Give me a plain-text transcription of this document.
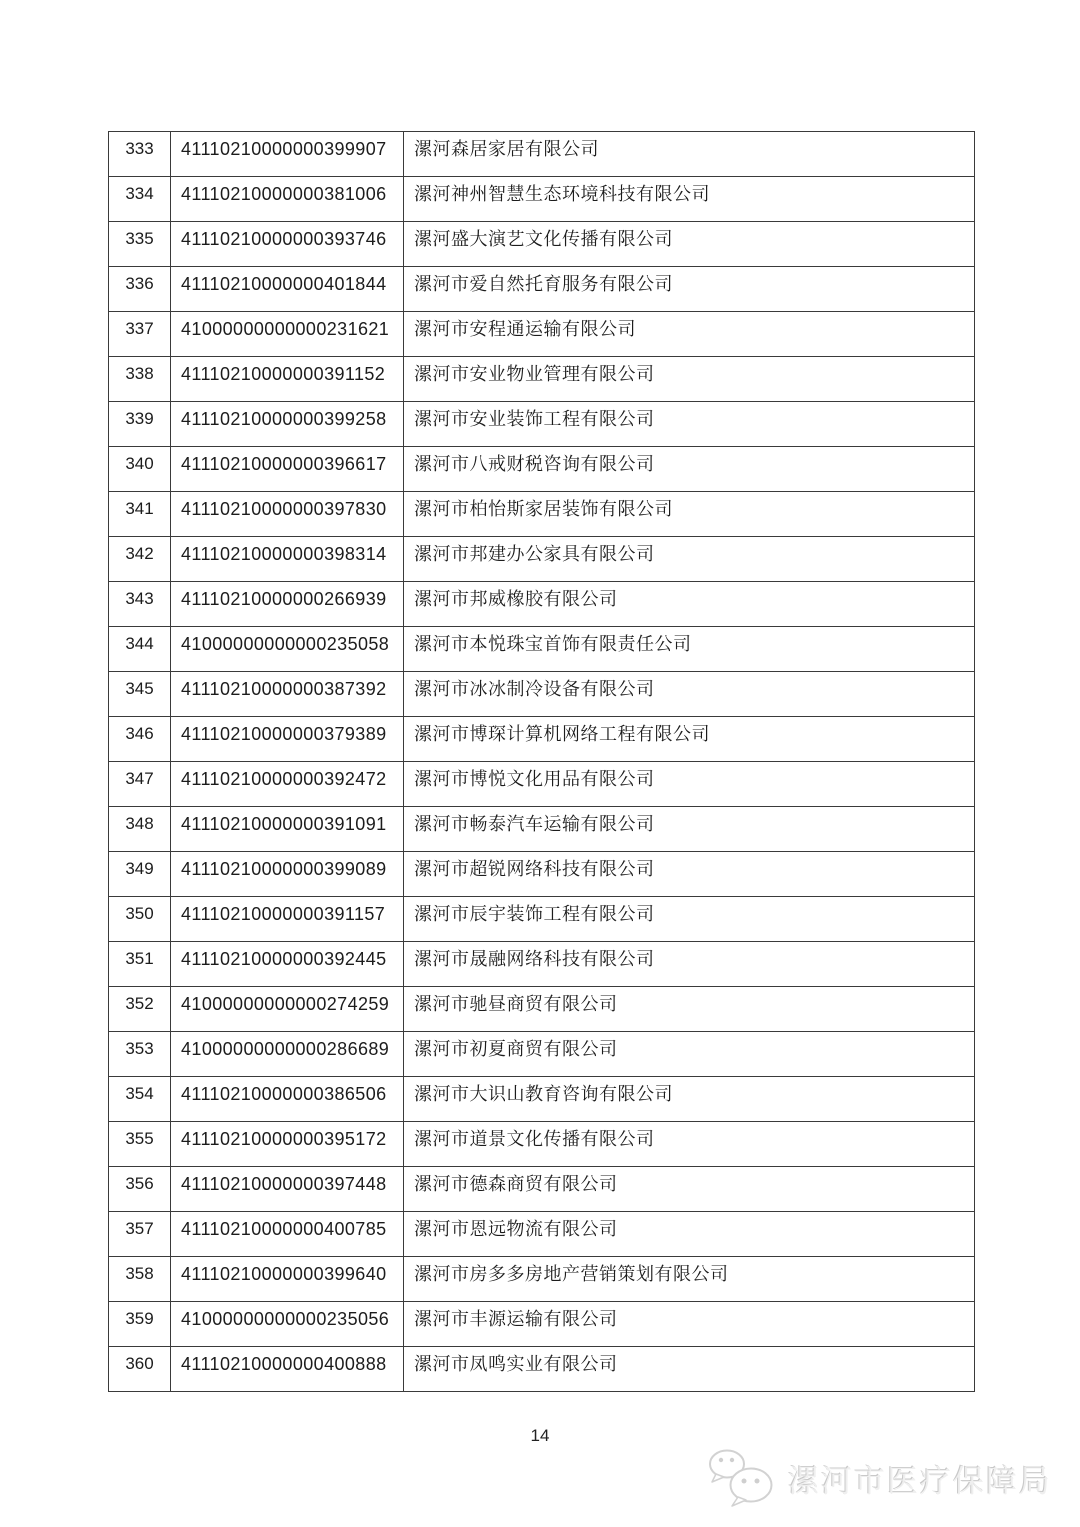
333	41110210000000399907	漯河森居家居有限公司
334	41110210000000381006	漯河神州智慧生态环境科技有限公司
335	41110210000000393746	漯河盛大演艺文化传播有限公司
336	41110210000000401844	漯河市爱自然托育服务有限公司
337	41000000000000231621	漯河市安程通运输有限公司
338	41110210000000391152	漯河市安业物业管理有限公司
339	41110210000000399258	漯河市安业装饰工程有限公司
340	41110210000000396617	漯河市八戒财税咨询有限公司
341	41110210000000397830	漯河市柏怡斯家居装饰有限公司
342	41110210000000398314	漯河市邦建办公家具有限公司
343	41110210000000266939	漯河市邦威橡胶有限公司
344	41000000000000235058	漯河市本悦珠宝首饰有限责任公司
345	41110210000000387392	漯河市冰冰制冷设备有限公司
346	41110210000000379389	漯河市博琛计算机网络工程有限公司
347	41110210000000392472	漯河市博悦文化用品有限公司
348	41110210000000391091	漯河市畅泰汽车运输有限公司
349	41110210000000399089	漯河市超锐网络科技有限公司
350	41110210000000391157	漯河市辰宇装饰工程有限公司
351	41110210000000392445	漯河市晟融网络科技有限公司
352	41000000000000274259	漯河市驰昼商贸有限公司
353	41000000000000286689	漯河市初夏商贸有限公司
354	41110210000000386506	漯河市大识山教育咨询有限公司
355	41110210000000395172	漯河市道景文化传播有限公司
356	41110210000000397448	漯河市德森商贸有限公司
357	41110210000000400785	漯河市恩远物流有限公司
358	41110210000000399640	漯河市房多多房地产营销策划有限公司
359	41000000000000235056	漯河市丰源运输有限公司
360	41110210000000400888	漯河市凤鸣实业有限公司
14
漯河市医疗保障局
